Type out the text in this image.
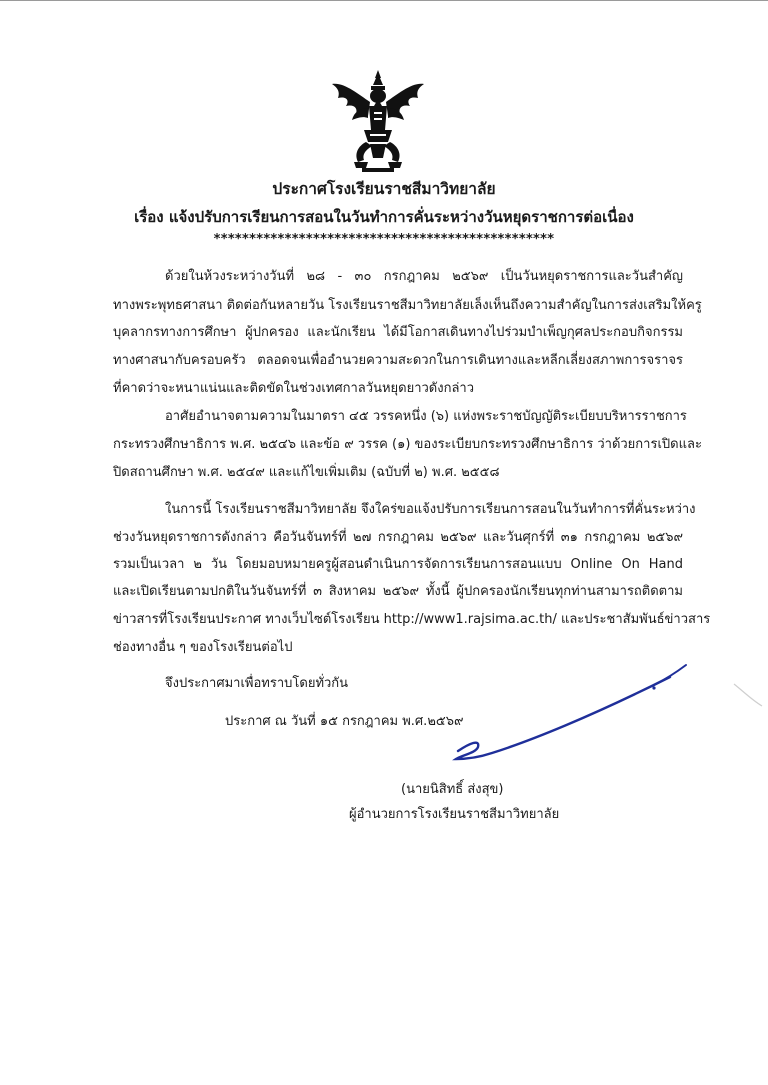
ประกาศโรงเรียนราชสีมาวิทยาลัย
เรื่อง แจ้งปรับการเรียนการสอนในวันทำการคั่นระหว่างวันหยุดราชการต่อเนื่อง
************************************************
ด้วยในห้วงระหว่างวันที่ ๒๘ - ๓๐ กรกฎาคม ๒๕๖๙ เป็นวันหยุดราชการและวันสำคัญ
ทางพระพุทธศาสนา ติดต่อกันหลายวัน โรงเรียนราชสีมาวิทยาลัยเล็งเห็นถึงความสำคัญในการส่งเสริมให้ครู
บุคลากรทางการศึกษา ผู้ปกครอง และนักเรียน ได้มีโอกาสเดินทางไปร่วมบำเพ็ญกุศลประกอบกิจกรรม
ทางศาสนากับครอบครัว ตลอดจนเพื่ออำนวยความสะดวกในการเดินทางและหลีกเลี่ยงสภาพการจราจร
ที่คาดว่าจะหนาแน่นและติดขัดในช่วงเทศกาลวันหยุดยาวดังกล่าว
อาศัยอำนาจตามความในมาตรา ๔๕ วรรคหนึ่ง (๖) แห่งพระราชบัญญัติระเบียบบริหารราชการ
กระทรวงศึกษาธิการ พ.ศ. ๒๕๔๖ และข้อ ๙ วรรค (๑) ของระเบียบกระทรวงศึกษาธิการ ว่าด้วยการเปิดและ
ปิดสถานศึกษา พ.ศ. ๒๕๔๙ และแก้ไขเพิ่มเติม (ฉบับที่ ๒) พ.ศ. ๒๕๕๘
ในการนี้ โรงเรียนราชสีมาวิทยาลัย จึงใคร่ขอแจ้งปรับการเรียนการสอนในวันทำการที่คั่นระหว่าง
ช่วงวันหยุดราชการดังกล่าว คือวันจันทร์ที่ ๒๗ กรกฎาคม ๒๕๖๙ และวันศุกร์ที่ ๓๑ กรกฎาคม ๒๕๖๙
รวมเป็นเวลา ๒ วัน โดยมอบหมายครูผู้สอนดำเนินการจัดการเรียนการสอนแบบ Online On Hand
และเปิดเรียนตามปกติในวันจันทร์ที่ ๓ สิงหาคม ๒๕๖๙ ทั้งนี้ ผู้ปกครองนักเรียนทุกท่านสามารถติดตาม
ข่าวสารที่โรงเรียนประกาศ ทางเว็บไซต์โรงเรียน http://www1.rajsima.ac.th/ และประชาสัมพันธ์ข่าวสาร
ช่องทางอื่น ๆ ของโรงเรียนต่อไป
จึงประกาศมาเพื่อทราบโดยทั่วกัน
ประกาศ ณ วันที่ ๑๕ กรกฎาคม พ.ศ.๒๕๖๙
(นายนิสิทธิ์ ส่งสุข)
ผู้อำนวยการโรงเรียนราชสีมาวิทยาลัย
